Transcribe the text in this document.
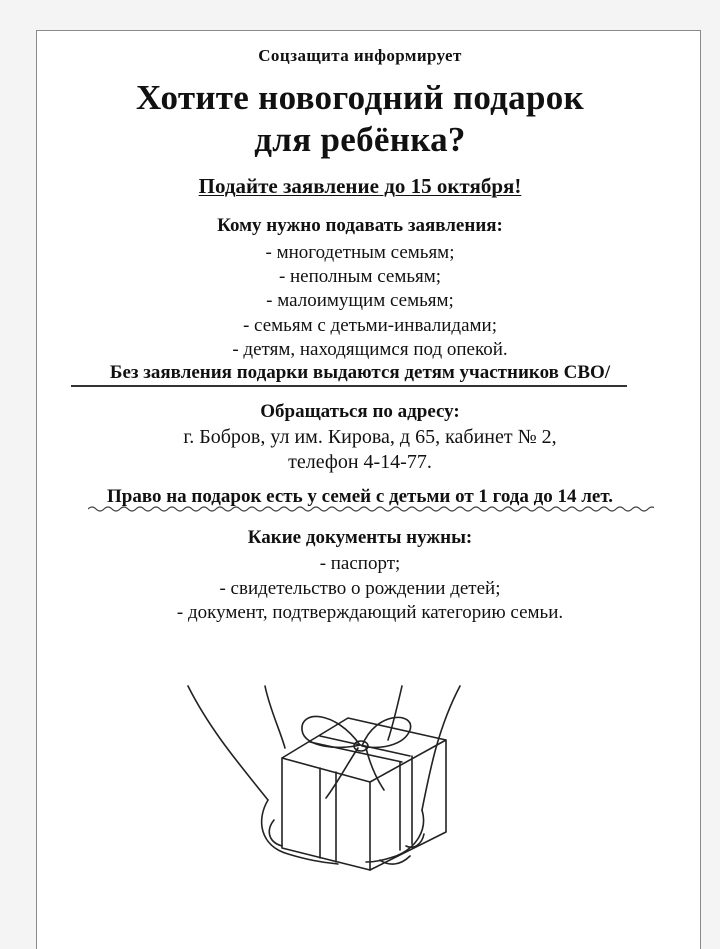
Соцзащита информирует
Хотите новогодний подарок
для ребёнка?
Подайте заявление до 15 октября!
Кому нужно подавать заявления:
- многодетным семьям;
- неполным семьям;
- малоимущим семьям;
- семьям с детьми-инвалидами;
- детям, находящимся под опекой.
Без заявления подарки выдаются детям участников СВО/
Обращаться по адресу:
г. Бобров, ул им. Кирова, д 65, кабинет № 2,
телефон 4-14-77.
Право на подарок есть у семей с детьми от 1 года до 14 лет.
Какие документы нужны:
- паспорт;
- свидетельство о рождении детей;
- документ, подтверждающий категорию семьи.
